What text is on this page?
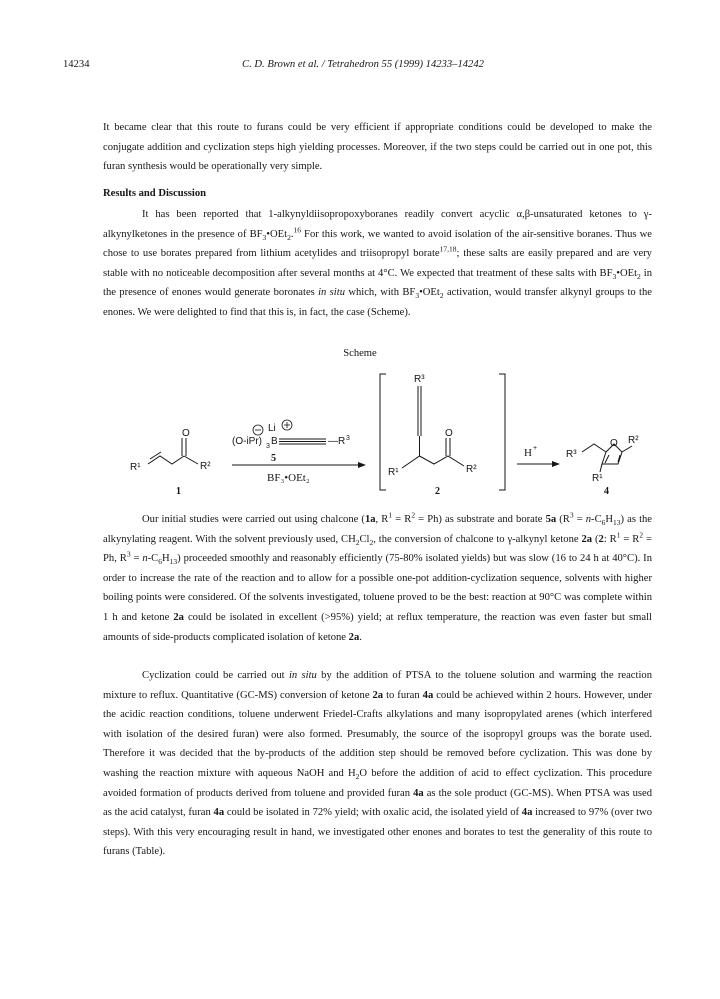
14234	C. D. Brown et al. / Tetrahedron 55 (1999) 14233–14242

It became clear that this route to furans could be very efficient if appropriate conditions could be developed to make the conjugate addition and cyclization steps high yielding processes. Moreover, if the two steps could be carried out in one pot, this furan synthesis would be operationally very simple.

Results and Discussion

It has been reported that 1-alkynyldiisopropoxyboranes readily convert acyclic α,β-unsaturated ketones to γ-alkynylketones in the presence of $BF_3•OEt_2.^{16}$ For this work, we wanted to avoid isolation of the air-sensitive boranes. Thus we chose to use borates prepared from lithium acetylides and triisopropyl borate$^{17,18}$; these salts are easily prepared and are very stable with no noticeable decomposition after several months at 4°C. We expected that treatment of these salts with $BF_3•OEt_2$ in the presence of enones would generate boronates in situ which, with $BF_3•OEt_2$ activation, would transfer alkynyl groups to the enones. We were delighted to find that this is, in fact, the case (Scheme).

Scheme

O
R¹	R²
1
Li
(O-iPr) 3 B	— R 3
5
BF₃•OEt₂
R³
O
R¹	R²
2
H +
R³
O R²
R¹
4

Our initial studies were carried out using chalcone (1a, $R^1 = R^2 = Ph$) as substrate and borate 5a $(R^3 = n-C_6H_{13})$ as the alkynylating reagent. With the solvent previously used, $CH_2Cl_2$, the conversion of chalcone to γ-alkynyl ketone 2a (2: $R^1 = R^2 = Ph$, $R^3 = n-C_6H_{13}$) proceeded smoothly and reasonably efficiently (75-80% isolated yields) but was slow (16 to 24 h at 40°C). In order to increase the rate of the reaction and to allow for a possible one-pot addition-cyclization sequence, solvents with higher boiling points were considered. Of the solvents investigated, toluene proved to be the best: reaction at 90°C was complete within 1 h and ketone 2a could be isolated in excellent (>95%) yield; at reflux temperature, the reaction was even faster but small amounts of side-products complicated isolation of ketone 2a.

Cyclization could be carried out in situ by the addition of PTSA to the toluene solution and warming the reaction mixture to reflux. Quantitative (GC-MS) conversion of ketone 2a to furan 4a could be achieved within 2 hours. However, under the acidic reaction conditions, toluene underwent Friedel-Crafts alkylations and many isopropylated arenes (which interfered with isolation of the desired furan) were also formed. Presumably, the source of the isopropyl groups was the borate used. Therefore it was decided that the by-products of the addition step should be removed before cyclization. This was done by washing the reaction mixture with aqueous NaOH and $H_2O$ before the addition of acid to effect cyclization. This procedure avoided formation of products derived from toluene and provided furan 4a as the sole product (GC-MS). When PTSA was used as the acid catalyst, furan 4a could be isolated in 72% yield; with oxalic acid, the isolated yield of 4a increased to 97% (over two steps). With this very encouraging result in hand, we investigated other enones and borates to test the generality of this route to furans (Table).
